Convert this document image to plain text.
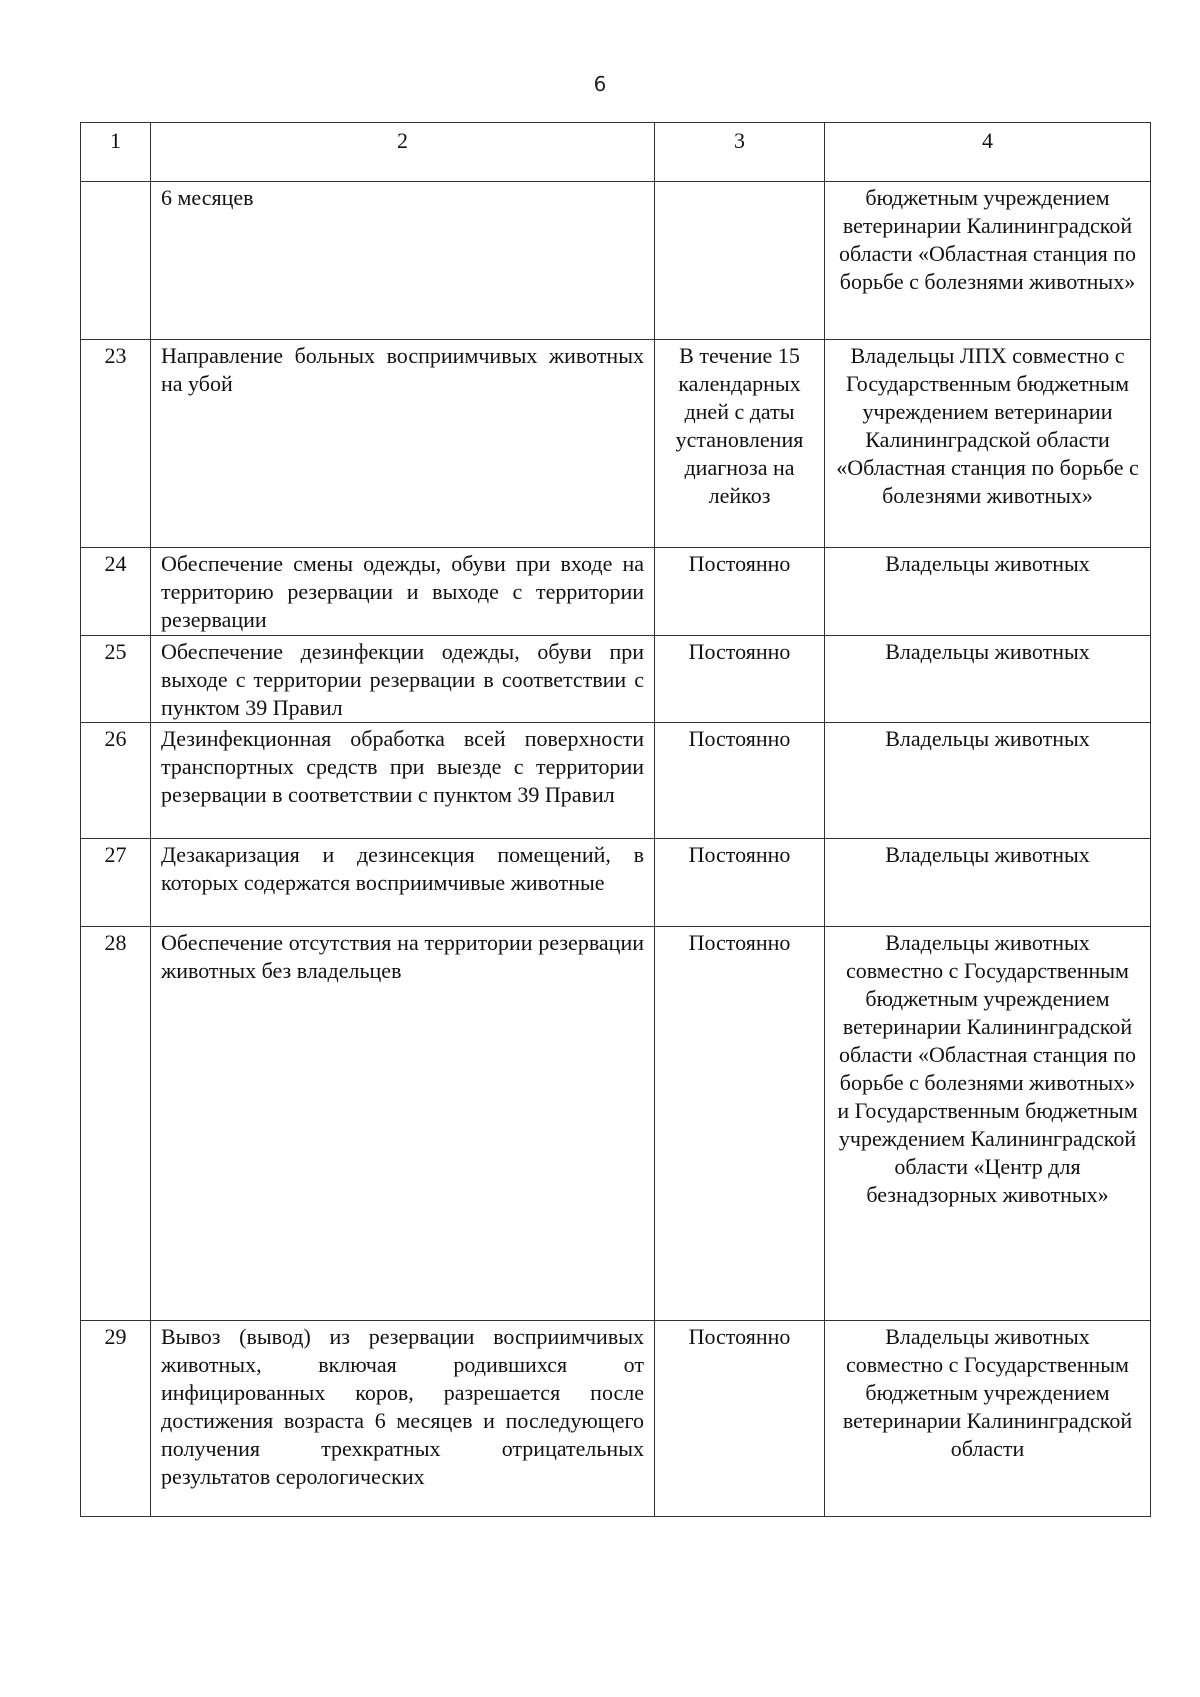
6
1	2	3	4
	6 месяцев		бюджетным учреждением ветеринарии Калининградской области «Областная станция по борьбе с болезнями животных»
23	Направление больных восприимчивых животных на убой	В течение 15 календарных дней с даты установления диагноза на лейкоз	Владельцы ЛПХ совместно с Государственным бюджетным учреждением ветеринарии Калининградской области «Областная станция по борьбе с болезнями животных»
24	Обеспечение смены одежды, обуви при входе на территорию резервации и выходе с территории резервации	Постоянно	Владельцы животных
25	Обеспечение дезинфекции одежды, обуви при выходе с территории резервации в соответствии с пунктом 39 Правил	Постоянно	Владельцы животных
26	Дезинфекционная обработка всей поверхности транспортных средств при выезде с территории резервации в соответствии с пунктом 39 Правил	Постоянно	Владельцы животных
27	Дезакаризация и дезинсекция помещений, в которых содержатся восприимчивые животные	Постоянно	Владельцы животных
28	Обеспечение отсутствия на территории резервации животных без владельцев	Постоянно	Владельцы животных совместно с Государственным бюджетным учреждением ветеринарии Калининградской области «Областная станция по борьбе с болезнями животных» и Государственным бюджетным учреждением Калининградской области «Центр для безнадзорных животных»
29	Вывоз (вывод) из резервации восприимчивых животных, включая родившихся от инфицированных коров, разрешается после достижения возраста 6 месяцев и последующего получения трехкратных отрицательных результатов серологических	Постоянно	Владельцы животных совместно с Государственным бюджетным учреждением ветеринарии Калининградской области
